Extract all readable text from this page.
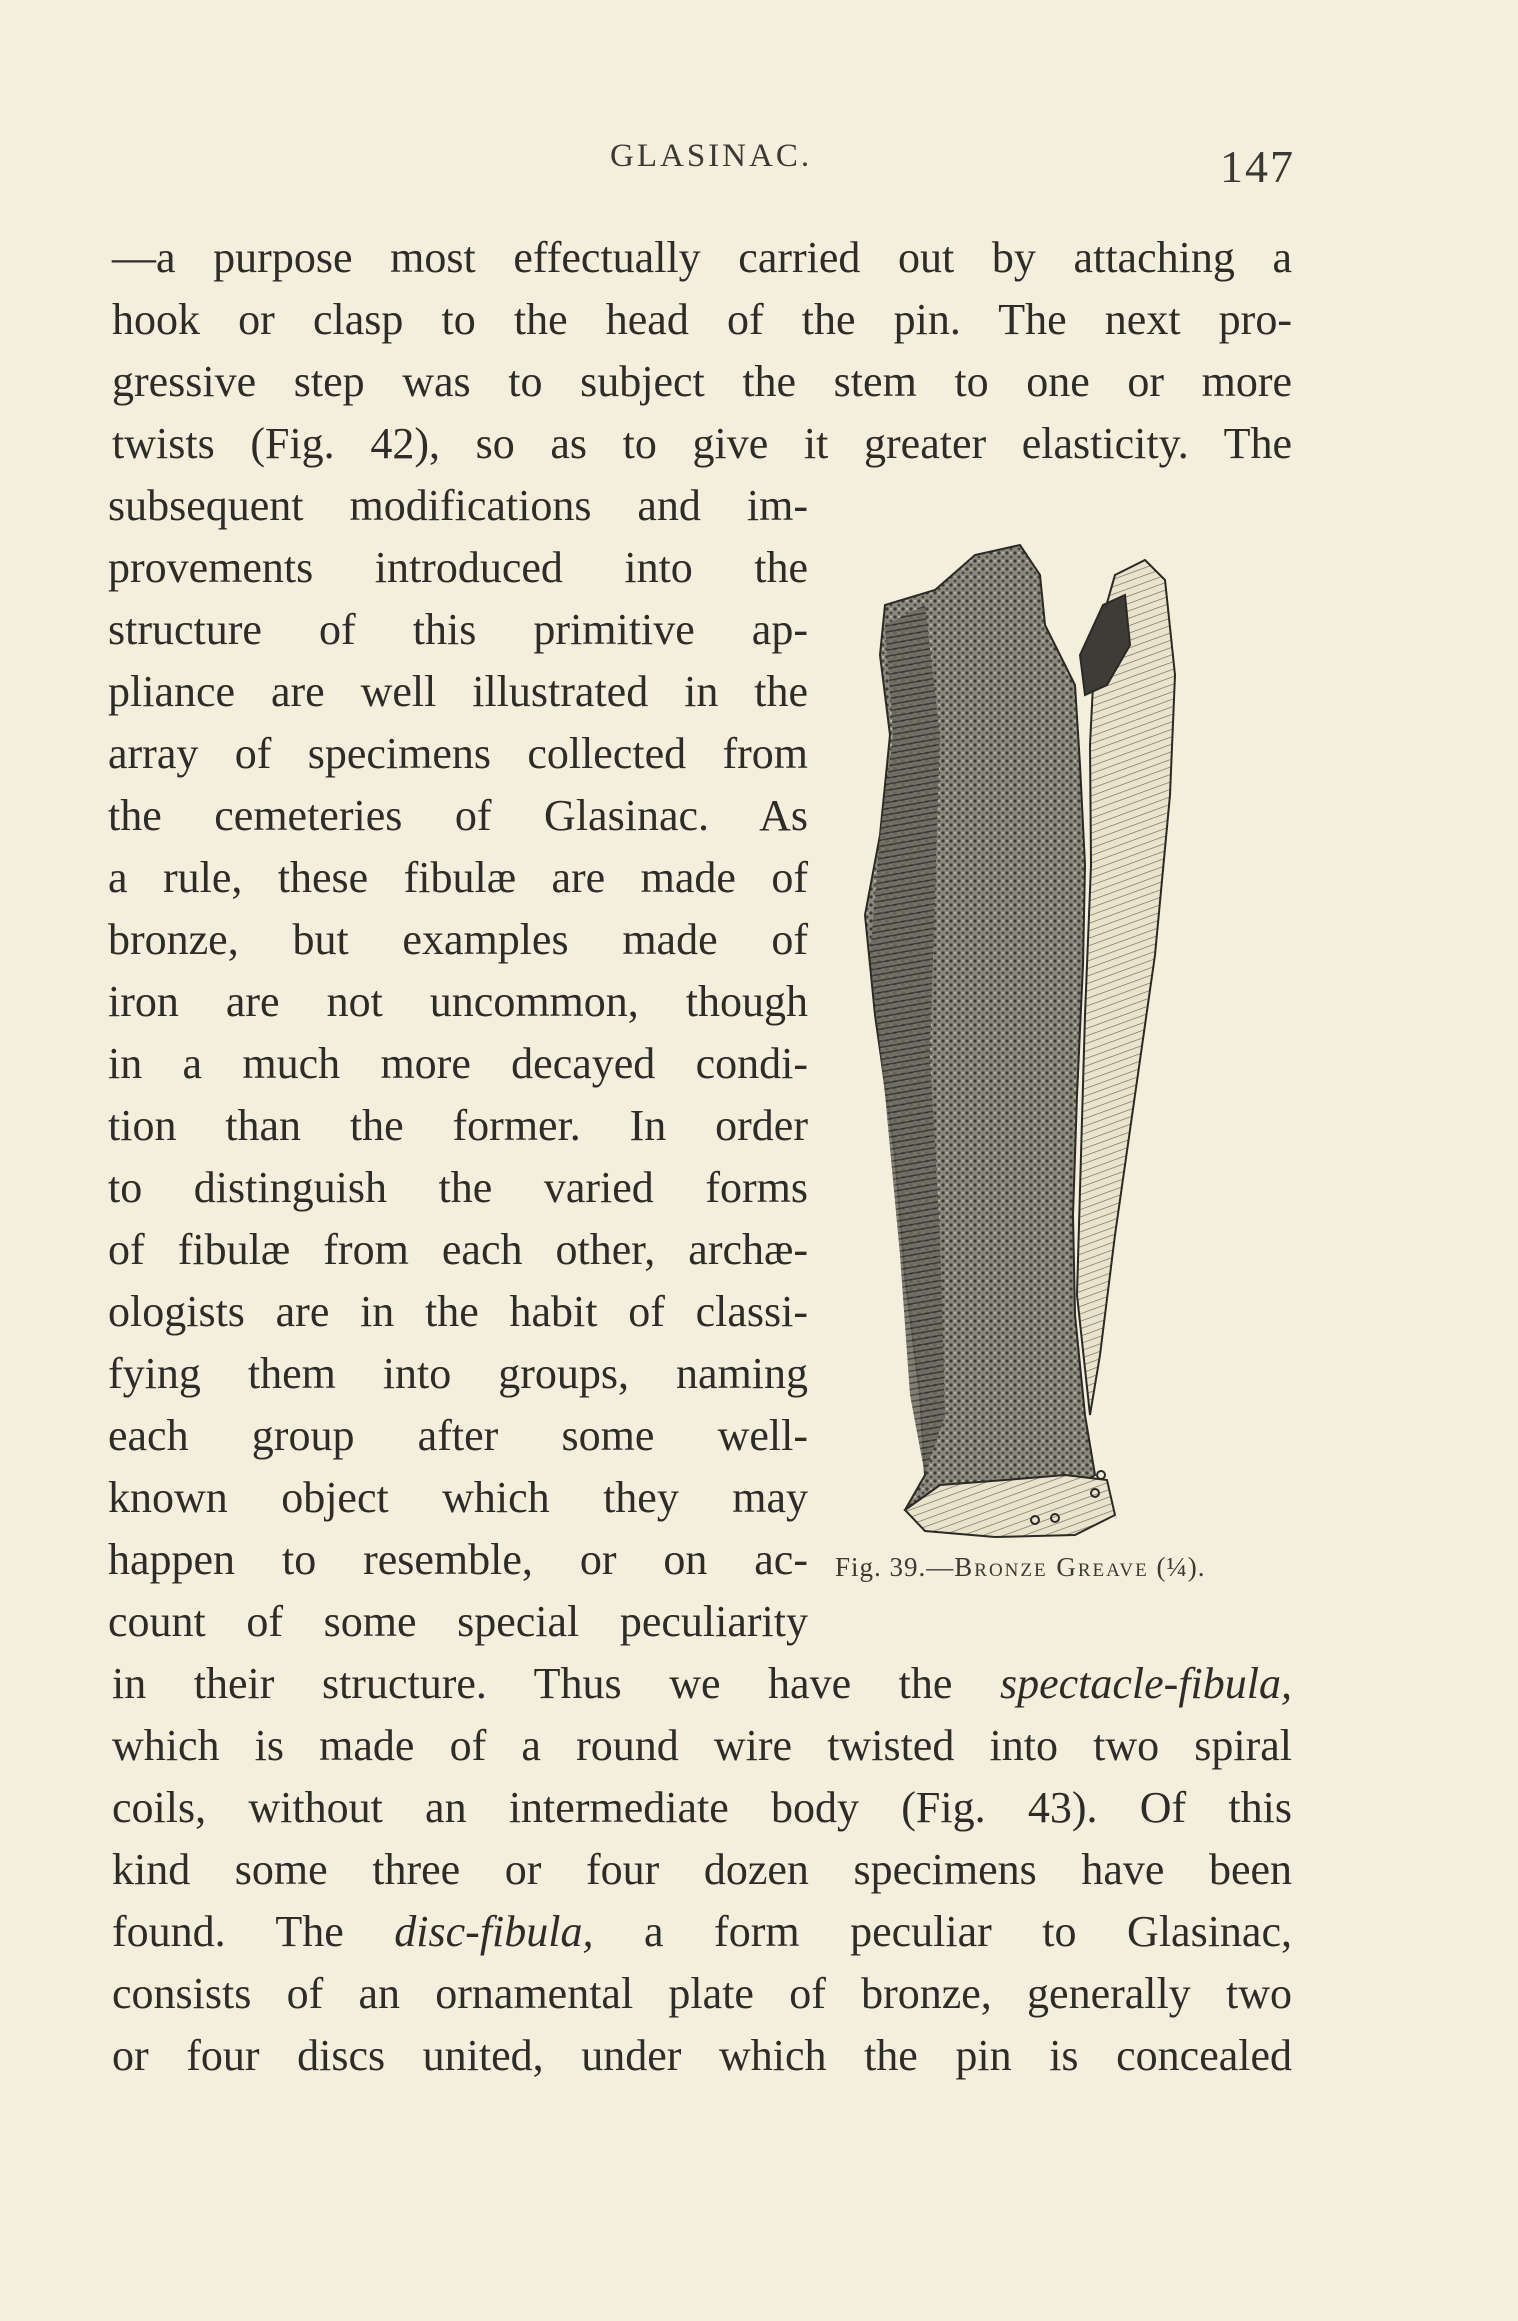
GLASINAC.	147
—a purpose most effectually carried out by attaching a
hook or clasp to the head of the pin. The next pro-
gressive step was to subject the stem to one or more
twists (Fig. 42), so as to give it greater elasticity. The
subsequent modifications and im-
provements introduced into the
structure of this primitive ap-
pliance are well illustrated in the
array of specimens collected from
the cemeteries of Glasinac. As
a rule, these fibulæ are made of
bronze, but examples made of
iron are not uncommon, though
in a much more decayed condi-
tion than the former. In order
to distinguish the varied forms
of fibulæ from each other, archæ-
ologists are in the habit of classi-
fying them into groups, naming
each group after some well-
known object which they may
happen to resemble, or on ac-
count of some special peculiarity
in their structure. Thus we have the spectacle-fibula,
which is made of a round wire twisted into two spiral
coils, without an intermediate body (Fig. 43). Of this
kind some three or four dozen specimens have been
found. The disc-fibula, a form peculiar to Glasinac,
consists of an ornamental plate of bronze, generally two
or four discs united, under which the pin is concealed
Fig. 39.—Bronze Greave (¼).
